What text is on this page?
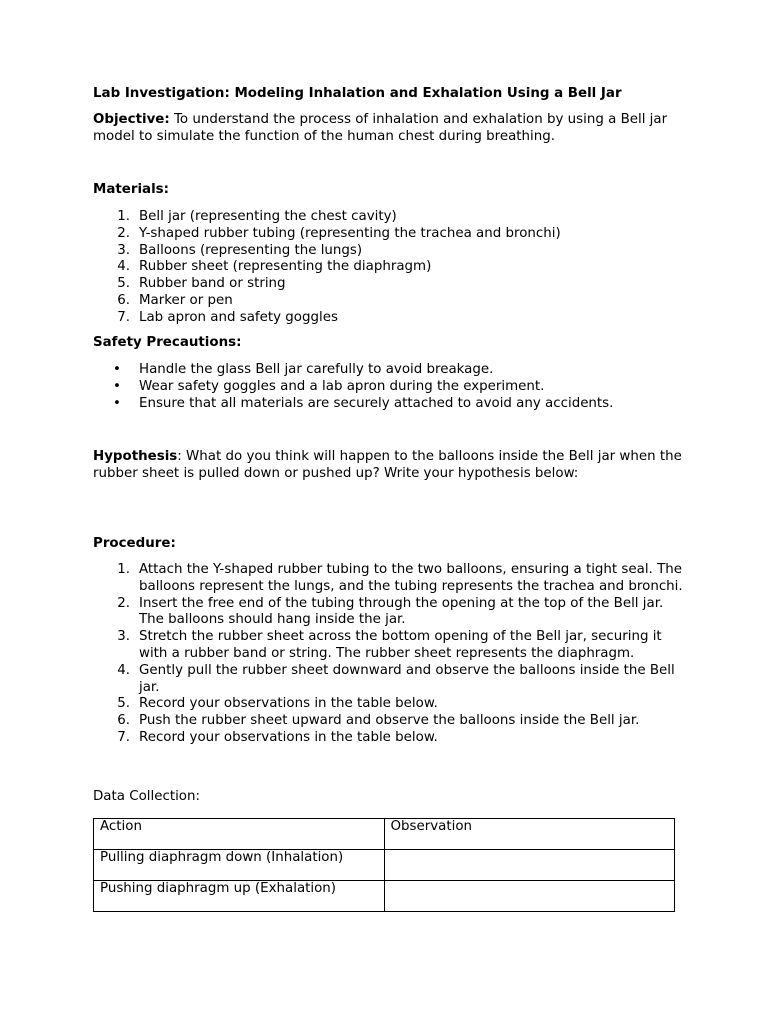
Lab Investigation: Modeling Inhalation and Exhalation Using a Bell Jar
Objective: To understand the process of inhalation and exhalation by using a Bell jar model to simulate the function of the human chest during breathing.
Materials:
1. Bell jar (representing the chest cavity)
2. Y-shaped rubber tubing (representing the trachea and bronchi)
3. Balloons (representing the lungs)
4. Rubber sheet (representing the diaphragm)
5. Rubber band or string
6. Marker or pen
7. Lab apron and safety goggles
Safety Precautions:
• Handle the glass Bell jar carefully to avoid breakage.
• Wear safety goggles and a lab apron during the experiment.
• Ensure that all materials are securely attached to avoid any accidents.
Hypothesis: What do you think will happen to the balloons inside the Bell jar when the rubber sheet is pulled down or pushed up? Write your hypothesis below:
Procedure:
1. Attach the Y-shaped rubber tubing to the two balloons, ensuring a tight seal. The balloons represent the lungs, and the tubing represents the trachea and bronchi.
2. Insert the free end of the tubing through the opening at the top of the Bell jar. The balloons should hang inside the jar.
3. Stretch the rubber sheet across the bottom opening of the Bell jar, securing it with a rubber band or string. The rubber sheet represents the diaphragm.
4. Gently pull the rubber sheet downward and observe the balloons inside the Bell jar.
5. Record your observations in the table below.
6. Push the rubber sheet upward and observe the balloons inside the Bell jar.
7. Record your observations in the table below.
Data Collection:
Action	Observation
Pulling diaphragm down (Inhalation)	
Pushing diaphragm up (Exhalation)	
